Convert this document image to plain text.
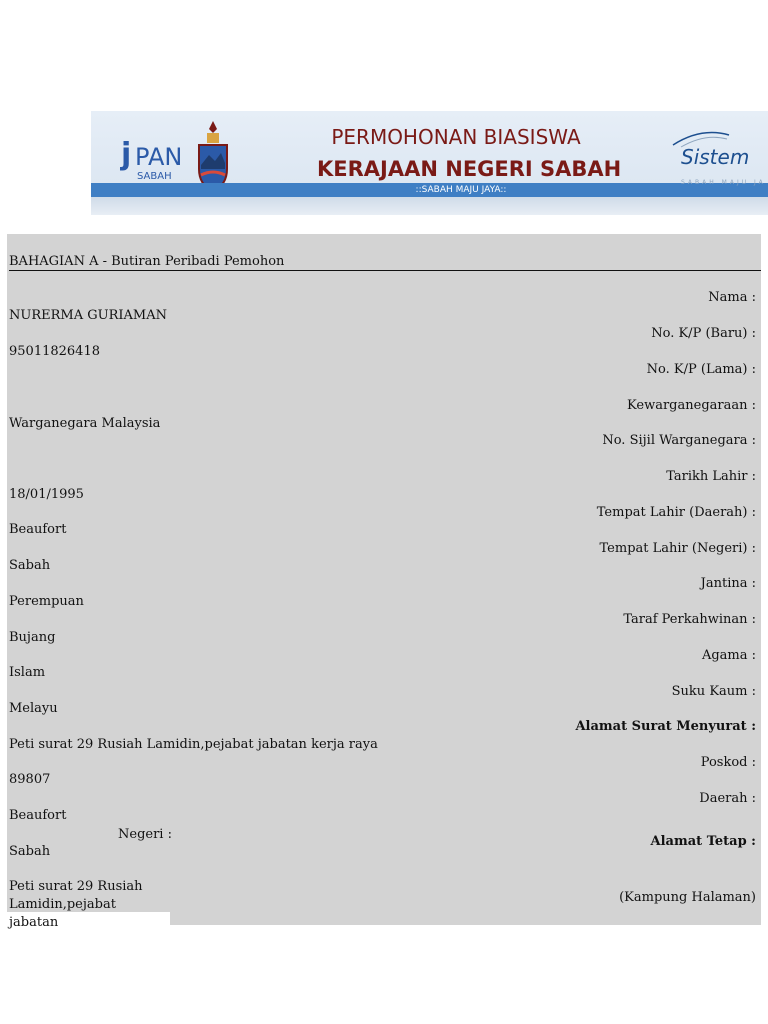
j PAN
SABAH
PERMOHONAN BIASISWA
KERAJAAN NEGERI SABAH
::SABAH MAJU JAYA::
Sistem
SABAH MAJU JA
BAHAGIAN A - Butiran Peribadi Pemohon
Nama :
No. K/P (Baru) :
No. K/P (Lama) :
Kewarganegaraan :
No. Sijil Warganegara :
Tarikh Lahir :
Tempat Lahir (Daerah) :
Tempat Lahir (Negeri) :
Jantina :
Taraf Perkahwinan :
Agama :
Suku Kaum :
Alamat Surat Menyurat :
Poskod :
Daerah :
Negeri :	Alamat Tetap :
(Kampung Halaman)
NURERMA GURIAMAN
95011826418
Warganegara Malaysia
18/01/1995
Beaufort
Sabah
Perempuan
Bujang
Islam
Melayu
Peti surat 29 Rusiah Lamidin,pejabat jabatan kerja raya
89807
Beaufort
Sabah
Peti surat 29 Rusiah Lamidin,pejabat jabatan
